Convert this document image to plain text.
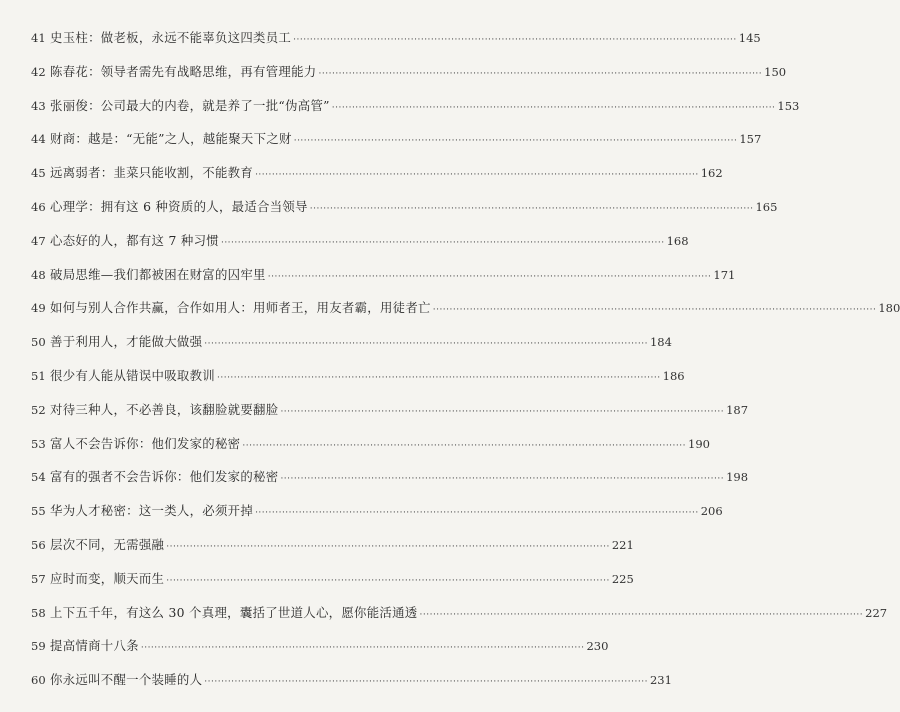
41 史玉柱：做老板，永远不能辜负这四类员工 ·····	145
42 陈春花：领导者需先有战略思维，再有管理能力 ·····	150
43 张丽俊：公司最大的内卷，就是养了一批“伪高管” ·····	153
44 财商：越是：“无能”之人，越能聚天下之财 ·····	157
45 远离弱者：韭菜只能收割，不能教育 ·····	162
46 心理学：拥有这 6 种资质的人，最适合当领导 ·····	165
47 心态好的人，都有这 7 种习惯 ·····	168
48 破局思维—我们都被困在财富的囚牢里 ·····	171
49 如何与别人合作共赢，合作如用人：用师者王，用友者霸，用徒者亡 ·····	180
50 善于利用人，才能做大做强 ·····	184
51 很少有人能从错误中吸取教训 ·····	186
52 对待三种人，不必善良，该翻脸就要翻脸 ·····	187
53 富人不会告诉你：他们发家的秘密 ·····	190
54 富有的强者不会告诉你：他们发家的秘密 ·····	198
55 华为人才秘密：这一类人，必须开掉 ·····	206
56 层次不同，无需强融 ·····	221
57 应时而变，顺天而生 ·····	225
58 上下五千年，有这么 30 个真理，囊括了世道人心，愿你能活通透 ·····	227
59 提高情商十八条 ·····	230
60 你永远叫不醒一个装睡的人 ·····	231
